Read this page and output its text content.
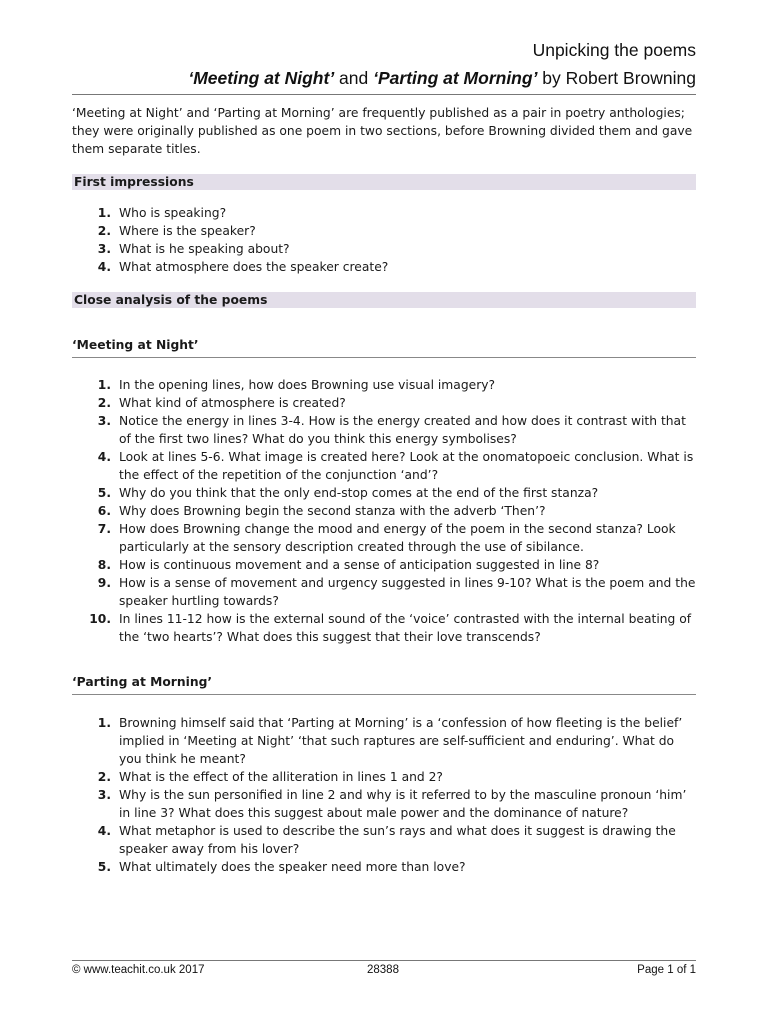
Unpicking the poems
‘Meeting at Night’ and ‘Parting at Morning’ by Robert Browning
‘Meeting at Night’ and ‘Parting at Morning’ are frequently published as a pair in poetry anthologies; they were originally published as one poem in two sections, before Browning divided them and gave them separate titles.
First impressions
1. Who is speaking?
2. Where is the speaker?
3. What is he speaking about?
4. What atmosphere does the speaker create?
Close analysis of the poems
‘Meeting at Night’
1. In the opening lines, how does Browning use visual imagery?
2. What kind of atmosphere is created?
3. Notice the energy in lines 3-4. How is the energy created and how does it contrast with that of the first two lines? What do you think this energy symbolises?
4. Look at lines 5-6. What image is created here? Look at the onomatopoeic conclusion. What is the effect of the repetition of the conjunction ‘and’?
5. Why do you think that the only end-stop comes at the end of the first stanza?
6. Why does Browning begin the second stanza with the adverb ‘Then’?
7. How does Browning change the mood and energy of the poem in the second stanza? Look particularly at the sensory description created through the use of sibilance.
8. How is continuous movement and a sense of anticipation suggested in line 8?
9. How is a sense of movement and urgency suggested in lines 9-10? What is the poem and the speaker hurtling towards?
10. In lines 11-12 how is the external sound of the ‘voice’ contrasted with the internal beating of the ‘two hearts’? What does this suggest that their love transcends?
‘Parting at Morning’
1. Browning himself said that ‘Parting at Morning’ is a ‘confession of how fleeting is the belief’ implied in ‘Meeting at Night’ ‘that such raptures are self-sufficient and enduring’. What do you think he meant?
2. What is the effect of the alliteration in lines 1 and 2?
3. Why is the sun personified in line 2 and why is it referred to by the masculine pronoun ‘him’ in line 3? What does this suggest about male power and the dominance of nature?
4. What metaphor is used to describe the sun’s rays and what does it suggest is drawing the speaker away from his lover?
5. What ultimately does the speaker need more than love?
© www.teachit.co.uk 2017	28388	Page 1 of 1
